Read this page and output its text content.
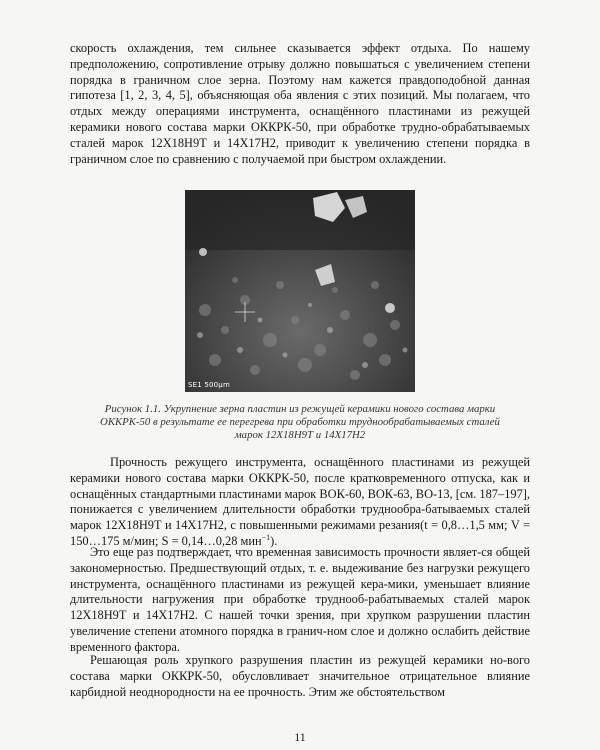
скорость охлаждения, тем сильнее сказывается эффект отдыха. По нашему предположению, сопротивление отрыву должно повышаться с увеличением степени порядка в граничном слое зерна. Поэтому нам кажется правдоподобной данная гипотеза [1, 2, 3, 4, 5], объясняющая оба явления с этих позиций. Мы полагаем, что отдых между операциями инструмента, оснащённого пластинами из режущей керамики нового состава марки ОККРК-50, при обработке трудно-обрабатываемых сталей марок 12Х18Н9Т и 14Х17Н2, приводит к увеличению степени порядка в граничном слое по сравнению с получаемой при быстром охлаждении.

SE1 500μm

Рисунок 1.1. Укрупнение зерна пластин из режущей керамики нового состава марки ОККРК-50 в результате ее перегрева при обработки труднообрабатываемых сталей марок 12Х18Н9Т и 14Х17Н2

Прочность режущего инструмента, оснащённого пластинами из режущей керамики нового состава марки ОККРК-50, после кратковременного отпуска, как и оснащённых стандартными пластинами марок ВОК-60, ВОК-63, ВО-13, [см. 187–197], понижается с увеличением длительности обработки труднообра-батываемых сталей марок 12Х18Н9Т и 14Х17Н2, с повышенными режимами резания(t = 0,8…1,5 мм; V = 150…175 м/мин; S = 0,14…0,28 мин$^{-1}$).

Это еще раз подтверждает, что временная зависимость прочности являет-ся общей закономерностью. Предшествующий отдых, т. е. выдеживание без нагрузки режущего инструмента, оснащённого пластинами из режущей кера-мики, уменьшает влияние длительности нагружения при обработке труднооб-рабатываемых сталей марок 12Х18Н9Т и 14Х17Н2. С нашей точки зрения, при хрупком разрушении пластин увеличение степени атомного порядка в гранич-ном слое и должно ослабить действие временного фактора.

Решающая роль хрупкого разрушения пластин из режущей керамики но-вого состава марки ОККРК-50, обусловливает значительное отрицательное влияние карбидной неоднородности на ее прочность. Этим же обстоятельством

11
